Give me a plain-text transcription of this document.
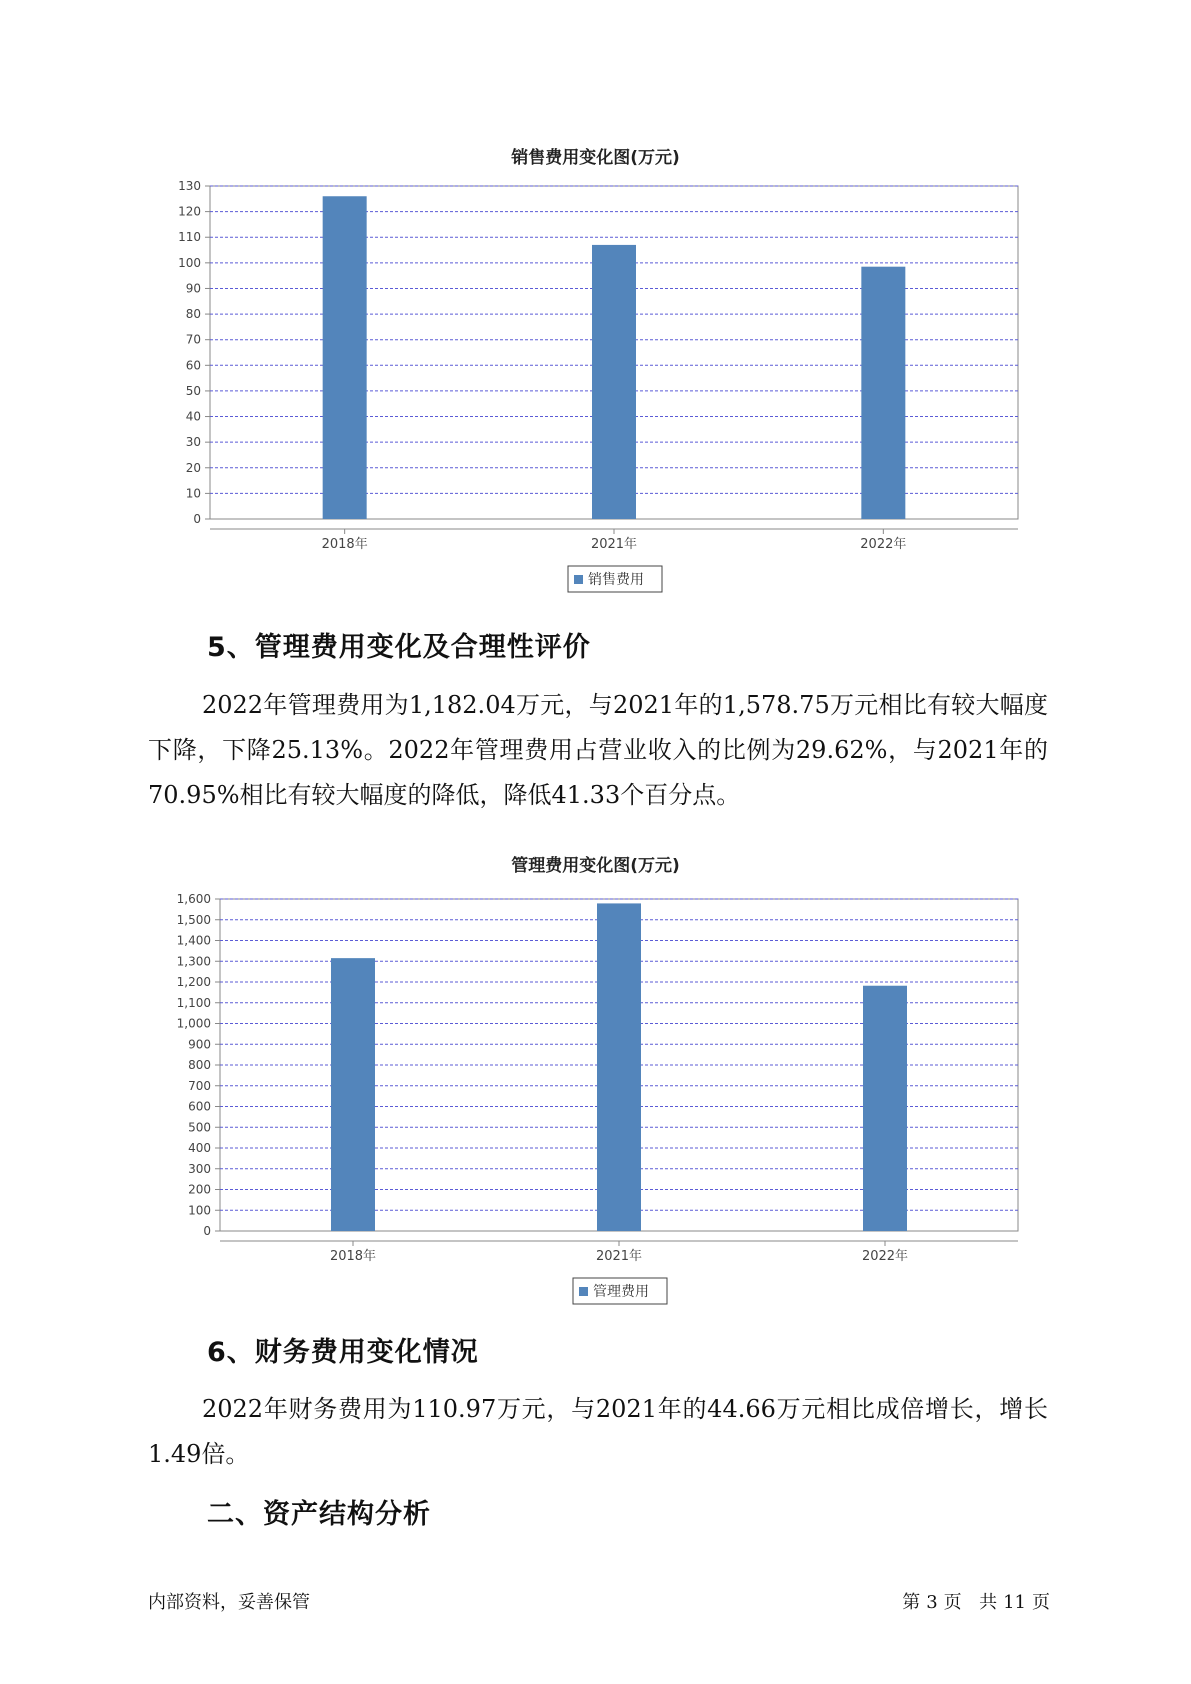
销售费用变化图(万元)
0
10
20
30
40
50
60
70
80
90
100
110
120
130
2018年	2021年	2022年
销售费用
5、管理费用变化及合理性评价

2022年管理费用为1,182.04万元，与2021年的1,578.75万元相比有较大幅度下降，下降25.13%。2022年管理费用占营业收入的比例为29.62%，与2021年的70.95%相比有较大幅度的降低，降低41.33个百分点。

管理费用变化图(万元)
0
100
200
300
400
500
600
700
800
900
1,000
1,100
1,200
1,300
1,400
1,500
1,600
2018年	2021年	2022年
管理费用
6、财务费用变化情况

2022年财务费用为110.97万元，与2021年的44.66万元相比成倍增长，增长1.49倍。

二、资产结构分析
内部资料，妥善保管	第 3 页 共 11 页
